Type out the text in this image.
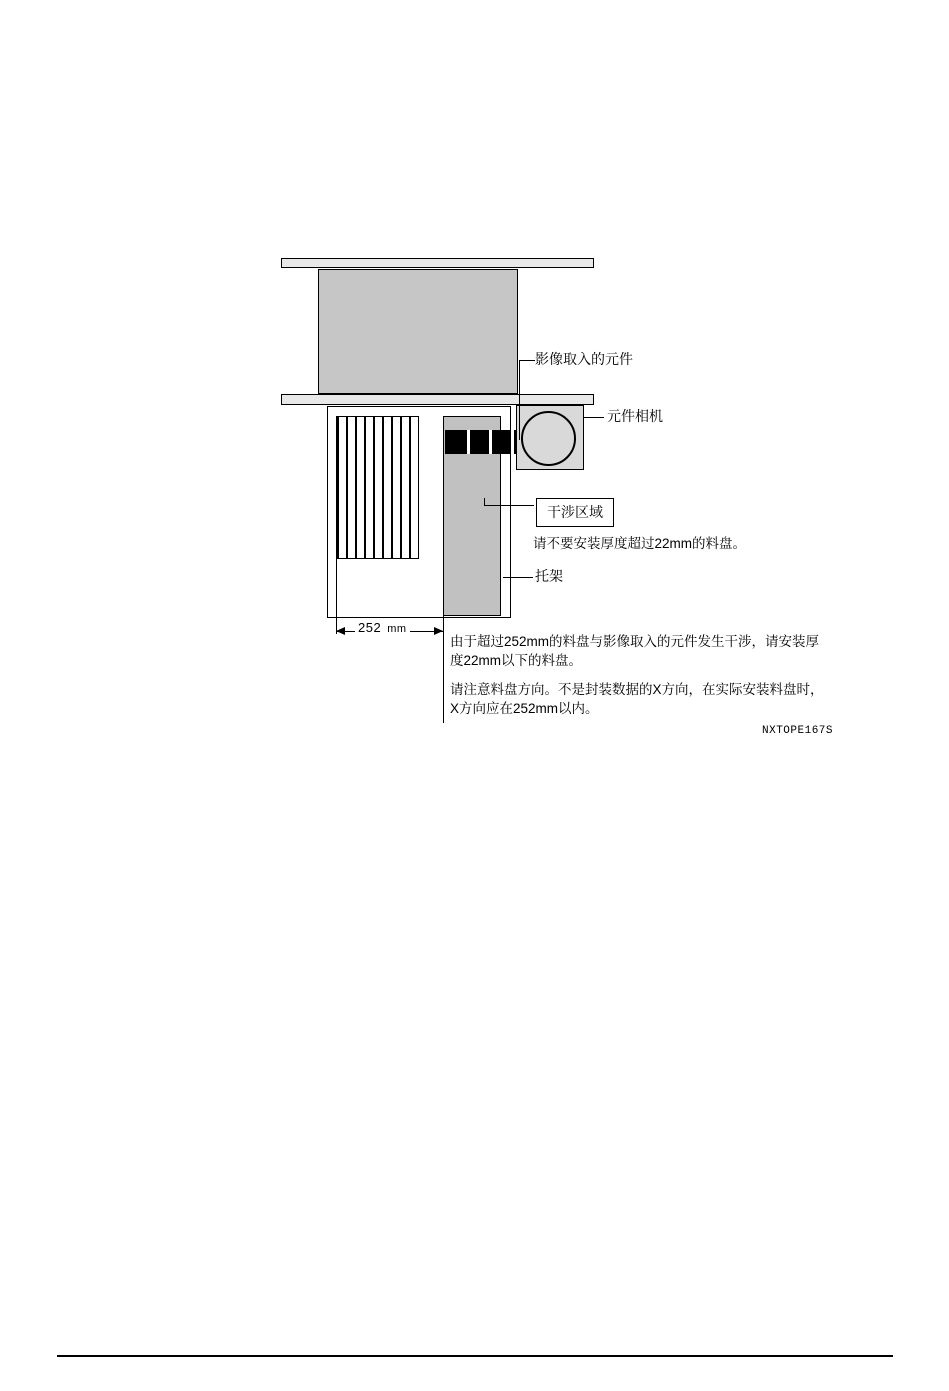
252 mm
影像取入的元件
元件相机
干涉区域
请不要安装厚度超过22mm的料盘。
托架
由于超过252mm的料盘与影像取入的元件发生干涉，请安装厚度22mm以下的料盘。
请注意料盘方向。不是封装数据的X方向，在实际安装料盘时，X方向应在252mm以内。
NXTOPE167S
